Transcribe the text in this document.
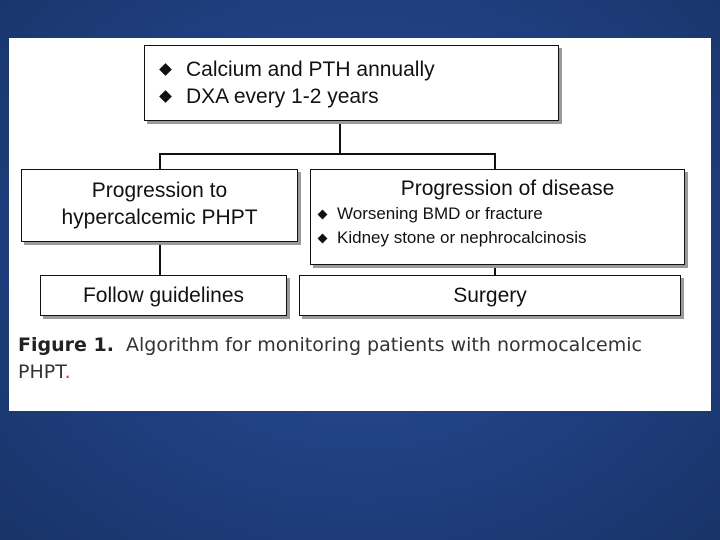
Calcium and PTH annually
DXA every 1-2 years
Progression to
hypercalcemic PHPT
Progression of disease
Worsening BMD or fracture
Kidney stone or nephrocalcinosis
Follow guidelines	Surgery
Figure 1. Algorithm for monitoring patients with normocalcemic PHPT.
